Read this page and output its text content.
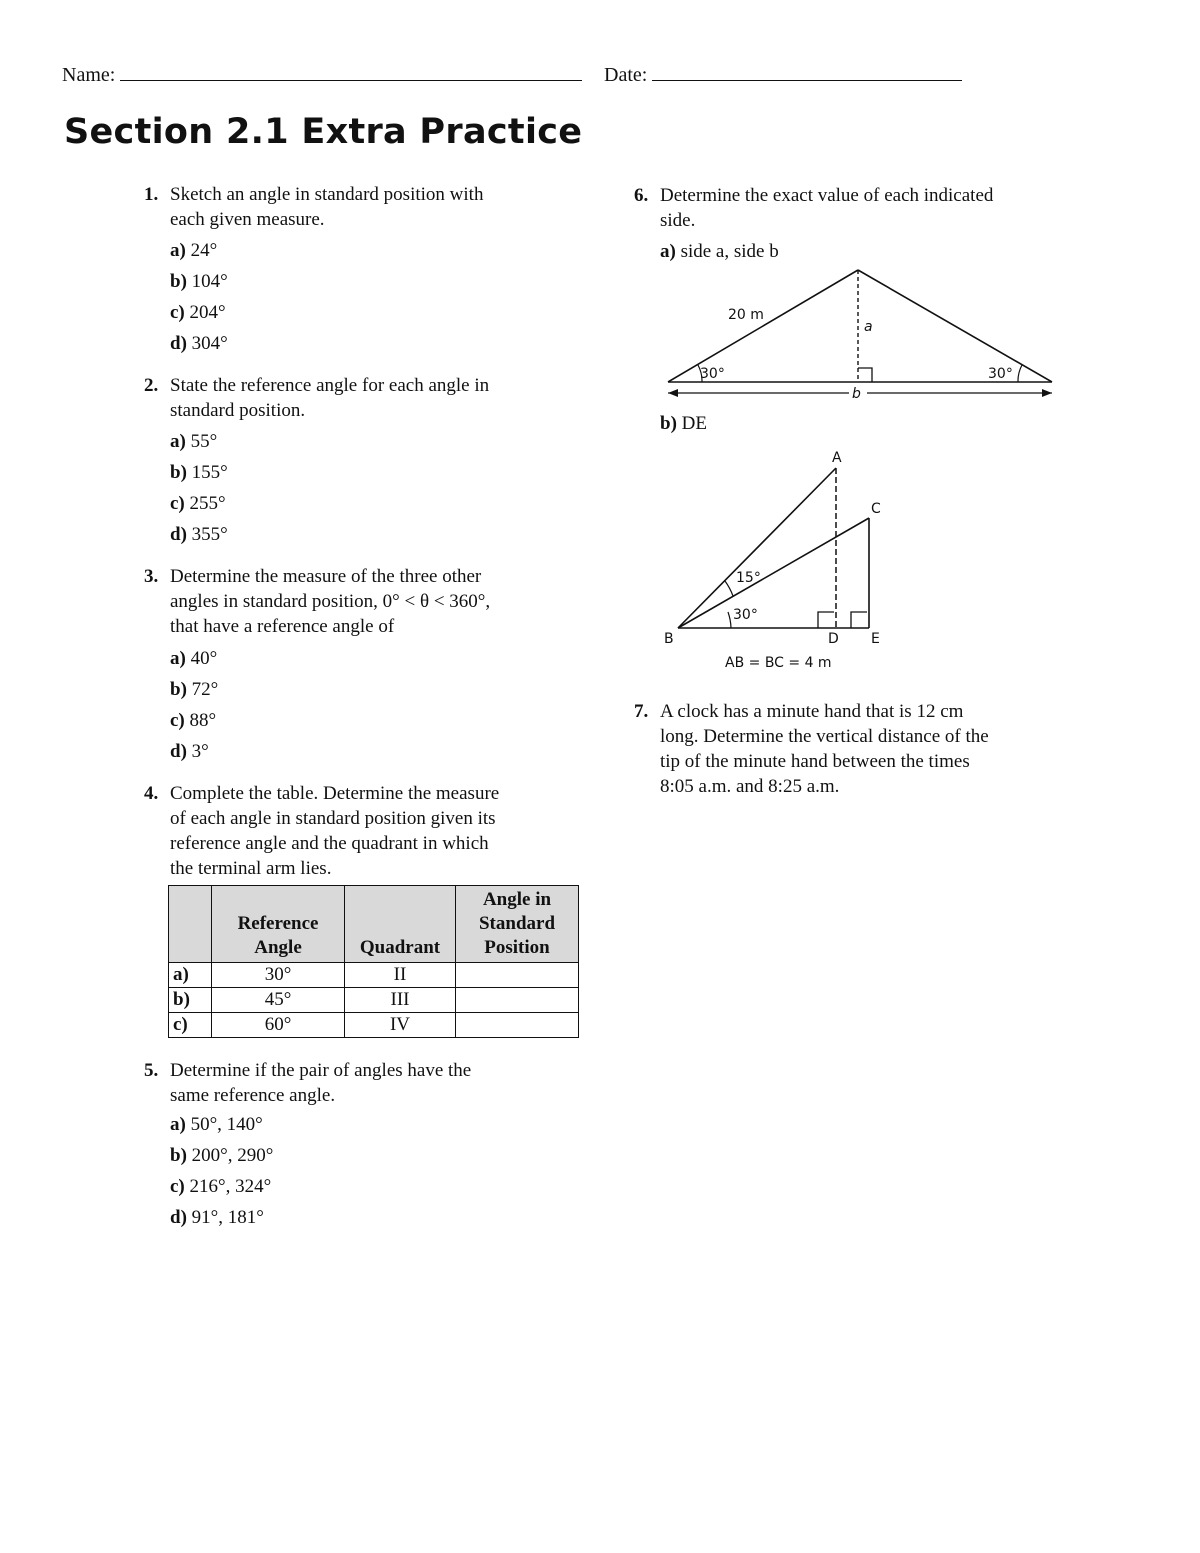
Name:	Date:
Section 2.1 Extra Practice
1. Sketch an angle in standard position with
each given measure.
a) 24°
b) 104°
c) 204°
d) 304°
2. State the reference angle for each angle in
standard position.
a) 55°
b) 155°
c) 255°
d) 355°
3. Determine the measure of the three other
angles in standard position, 0° < θ < 360°,
that have a reference angle of
a) 40°
b) 72°
c) 88°
d) 3°
4. Complete the table. Determine the measure
of each angle in standard position given its
reference angle and the quadrant in which
the terminal arm lies.
	Reference Angle	Quadrant	Angle in Standard Position
a)	30°	II	
b)	45°	III	
c)	60°	IV	
5. Determine if the pair of angles have the
same reference angle.
a) 50°, 140°
b) 200°, 290°
c) 216°, 324°
d) 91°, 181°
6. Determine the exact value of each indicated
side.
a) side a, side b
20 m
a
b
30°	30°
b) DE
A
B
C
D E
15°
30°
AB = BC = 4 m
7. A clock has a minute hand that is 12 cm
long. Determine the vertical distance of the
tip of the minute hand between the times
8:05 a.m. and 8:25 a.m.
